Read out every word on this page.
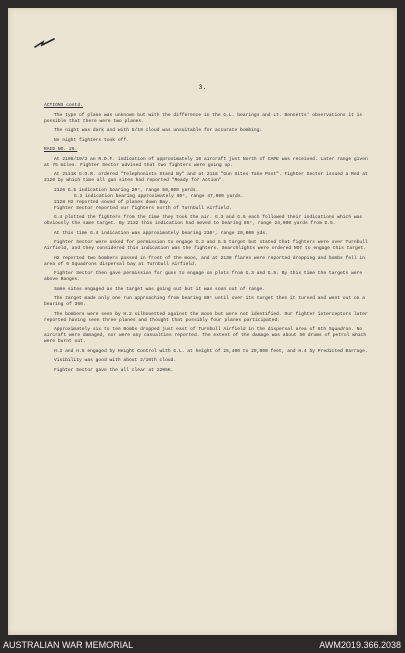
3.

ACTIONS contd.

The type of plane was unknown but with the difference in the G.L. bearings and Lt. Bennetts' observations it is possible that there were two planes.

The night was dark and with 5/10 cloud was unsuitable for accurate bombing.

No night fighters took off.

RAID NO. 26.

At 2105/19/3 an R.D.F. indication of approximately 10 aircraft just North of CAPE was received. Later range given at 75 miles. Fighter Sector advised that two fighters were going up.

At 2111K G.O.R. ordered "Telephonists Stand By" and at 2118 "Gun Sites Take Post". Fighter Sector issued a Red at 2120 by which time all gun sites had reported "Ready for Action".

2126 G.5 indication bearing 20°, range 50,000 yards.

G.3 indication bearing approximately 60°, range 47,000 yards.

2128 H2 reported sound of planes down Bay.

Fighter Sector reported our fighters north of Turnbull Airfield.

G.4 plotted the fighters from the time they took the air. G.3 and G.5 each followed their indications which was obviously the same target. By 2132 this indication had moved to bearing 85°, range 24,000 yards from G.5.

At this time G.4 indication was approximately bearing 230°, range 20,000 yds.

Fighter Sector were asked for permission to engage G.3 and G.5 target but stated that fighters were over Turnbull Airfield, and they considered this indication was the fighters. Searchlights were ordered NOT to engage this target.

H2 reported two bombers passed in front of the moon, and at 2138 flares were reported dropping and bombs fell in area of 6 Squadrons dispersal bay at Turnbull Airfield.

Fighter Sector then gave permission for guns to engage on plots from G.3 and G.5. By this time the targets were above Ranges.

Some sites engaged as the target was going out but it was soon out of range.

The target made only one run approaching from bearing 80° until over its target then it turned and went out on a bearing of 360.

The bombers were seen by H.2 silhouetted against the moon but were not identified. Our fighter interceptors later reported having seen three planes and thought that possibly four planes participated.

Approximately six to ten Bombs dropped just east of Turnbull Airfield in the dispersal area of 6th Squadron. No aircraft were damaged, nor were any casualties reported. The extent of the damage was about 50 drums of petrol which were burnt out.

H.3 and H.5 engaged by Height Control with G.L. at height of 25,400 to 29,000 feet, and H.4 by Predicted Barrage.

Visibility was good with about 2/10th cloud.

Fighter Sector gave the all clear at 2205K.

AUSTRALIAN WAR MEMORIAL	AWM2019.366.2038
